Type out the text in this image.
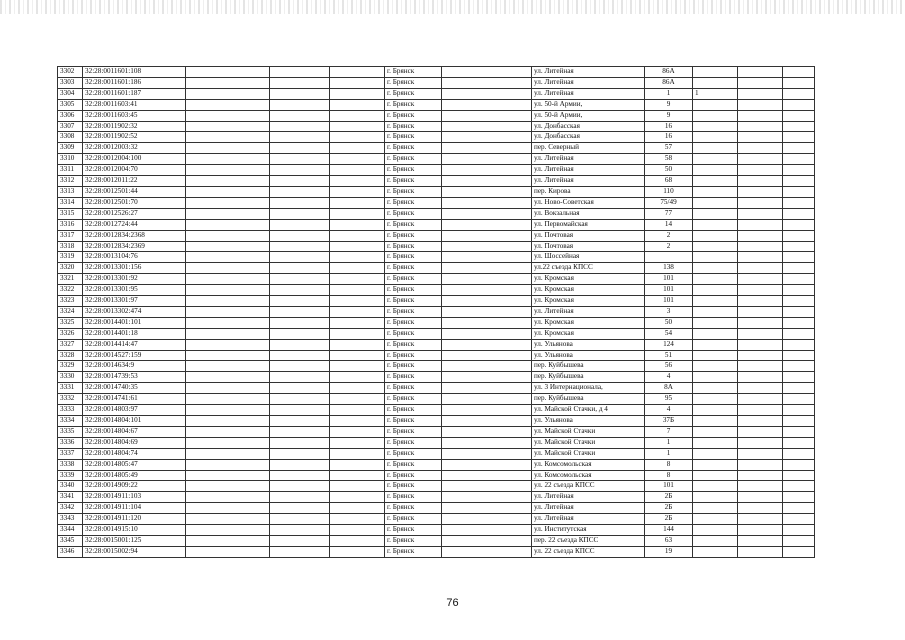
3302	32:28:0011601:108				г. Брянск		ул. Литейная	86А			
3303	32:28:0011601:186				г. Брянск		ул. Литейная	86А			
3304	32:28:0011601:187				г. Брянск		ул. Литейная	1	1		
3305	32:28:0011603:41				г. Брянск		ул. 50-й Армии,	9			
3306	32:28:0011603:45				г. Брянск		ул. 50-й Армии,	9			
3307	32:28:0011902:32				г. Брянск		ул. Донбасская	16			
3308	32:28:0011902:52				г. Брянск		ул. Донбасская	16			
3309	32:28:0012003:32				г. Брянск		пер. Северный	57			
3310	32:28:0012004:100				г. Брянск		ул. Литейная	58			
3311	32:28:0012004:70				г. Брянск		ул. Литейная	50			
3312	32:28:0012011:22				г. Брянск		ул. Литейная	68			
3313	32:28:0012501:44				г. Брянск		пер. Кирова	110			
3314	32:28:0012501:70				г. Брянск		ул. Ново-Советская	75/49			
3315	32:28:0012526:27				г. Брянск		ул. Вокзальная	77			
3316	32:28:0012724:44				г. Брянск		ул. Первомайская	14			
3317	32:28:0012834:2368				г. Брянск		ул. Почтовая	2			
3318	32:28:0012834:2369				г. Брянск		ул. Почтовая	2			
3319	32:28:0013104:76				г. Брянск		ул. Шоссейная				
3320	32:28:0013301:156				г. Брянск		ул.22 съезда КПСС	138			
3321	32:28:0013301:92				г. Брянск		ул. Кромская	101			
3322	32:28:0013301:95				г. Брянск		ул. Кромская	101			
3323	32:28:0013301:97				г. Брянск		ул. Кромская	101			
3324	32:28:0013302:474				г. Брянск		ул. Литейная	3			
3325	32:28:0014401:101				г. Брянск		ул. Кромская	50			
3326	32:28:0014401:18				г. Брянск		ул. Кромская	54			
3327	32:28:0014414:47				г. Брянск		ул. Ульянова	124			
3328	32:28:0014527:159				г. Брянск		ул. Ульянова	51			
3329	32:28:0014634:9				г. Брянск		пер. Куйбышева	56			
3330	32:28:0014739:53				г. Брянск		пер. Куйбышева	4			
3331	32:28:0014740:35				г. Брянск		ул. 3 Интернационала,	8А			
3332	32:28:0014741:61				г. Брянск		пер. Куйбышева	95			
3333	32:28:0014803:97				г. Брянск		ул. Майской Стачки, д 4	4			
3334	32:28:0014804:101				г. Брянск		ул. Ульянова	37Б			
3335	32:28:0014804:67				г. Брянск		ул. Майской Стачки	7			
3336	32:28:0014804:69				г. Брянск		ул. Майской Стачки	1			
3337	32:28:0014804:74				г. Брянск		ул. Майской Стачки	1			
3338	32:28:0014805:47				г. Брянск		ул. Комсомольская	8			
3339	32:28:0014805:49				г. Брянск		ул. Комсомольская	8			
3340	32:28:0014909:22				г. Брянск		ул. 22 съезда КПСС	101			
3341	32:28:0014911:103				г. Брянск		ул. Литейная	2Б			
3342	32:28:0014911:104				г. Брянск		ул. Литейная	2Б			
3343	32:28:0014911:120				г. Брянск		ул. Литейная	2Б			
3344	32:28:0014915:10				г. Брянск		ул. Институтская	144			
3345	32:28:0015001:125				г. Брянск		пер. 22 съезда КПСС	63			
3346	32:28:0015002:94				г. Брянск		ул. 22 съезда КПСС	19			
76
